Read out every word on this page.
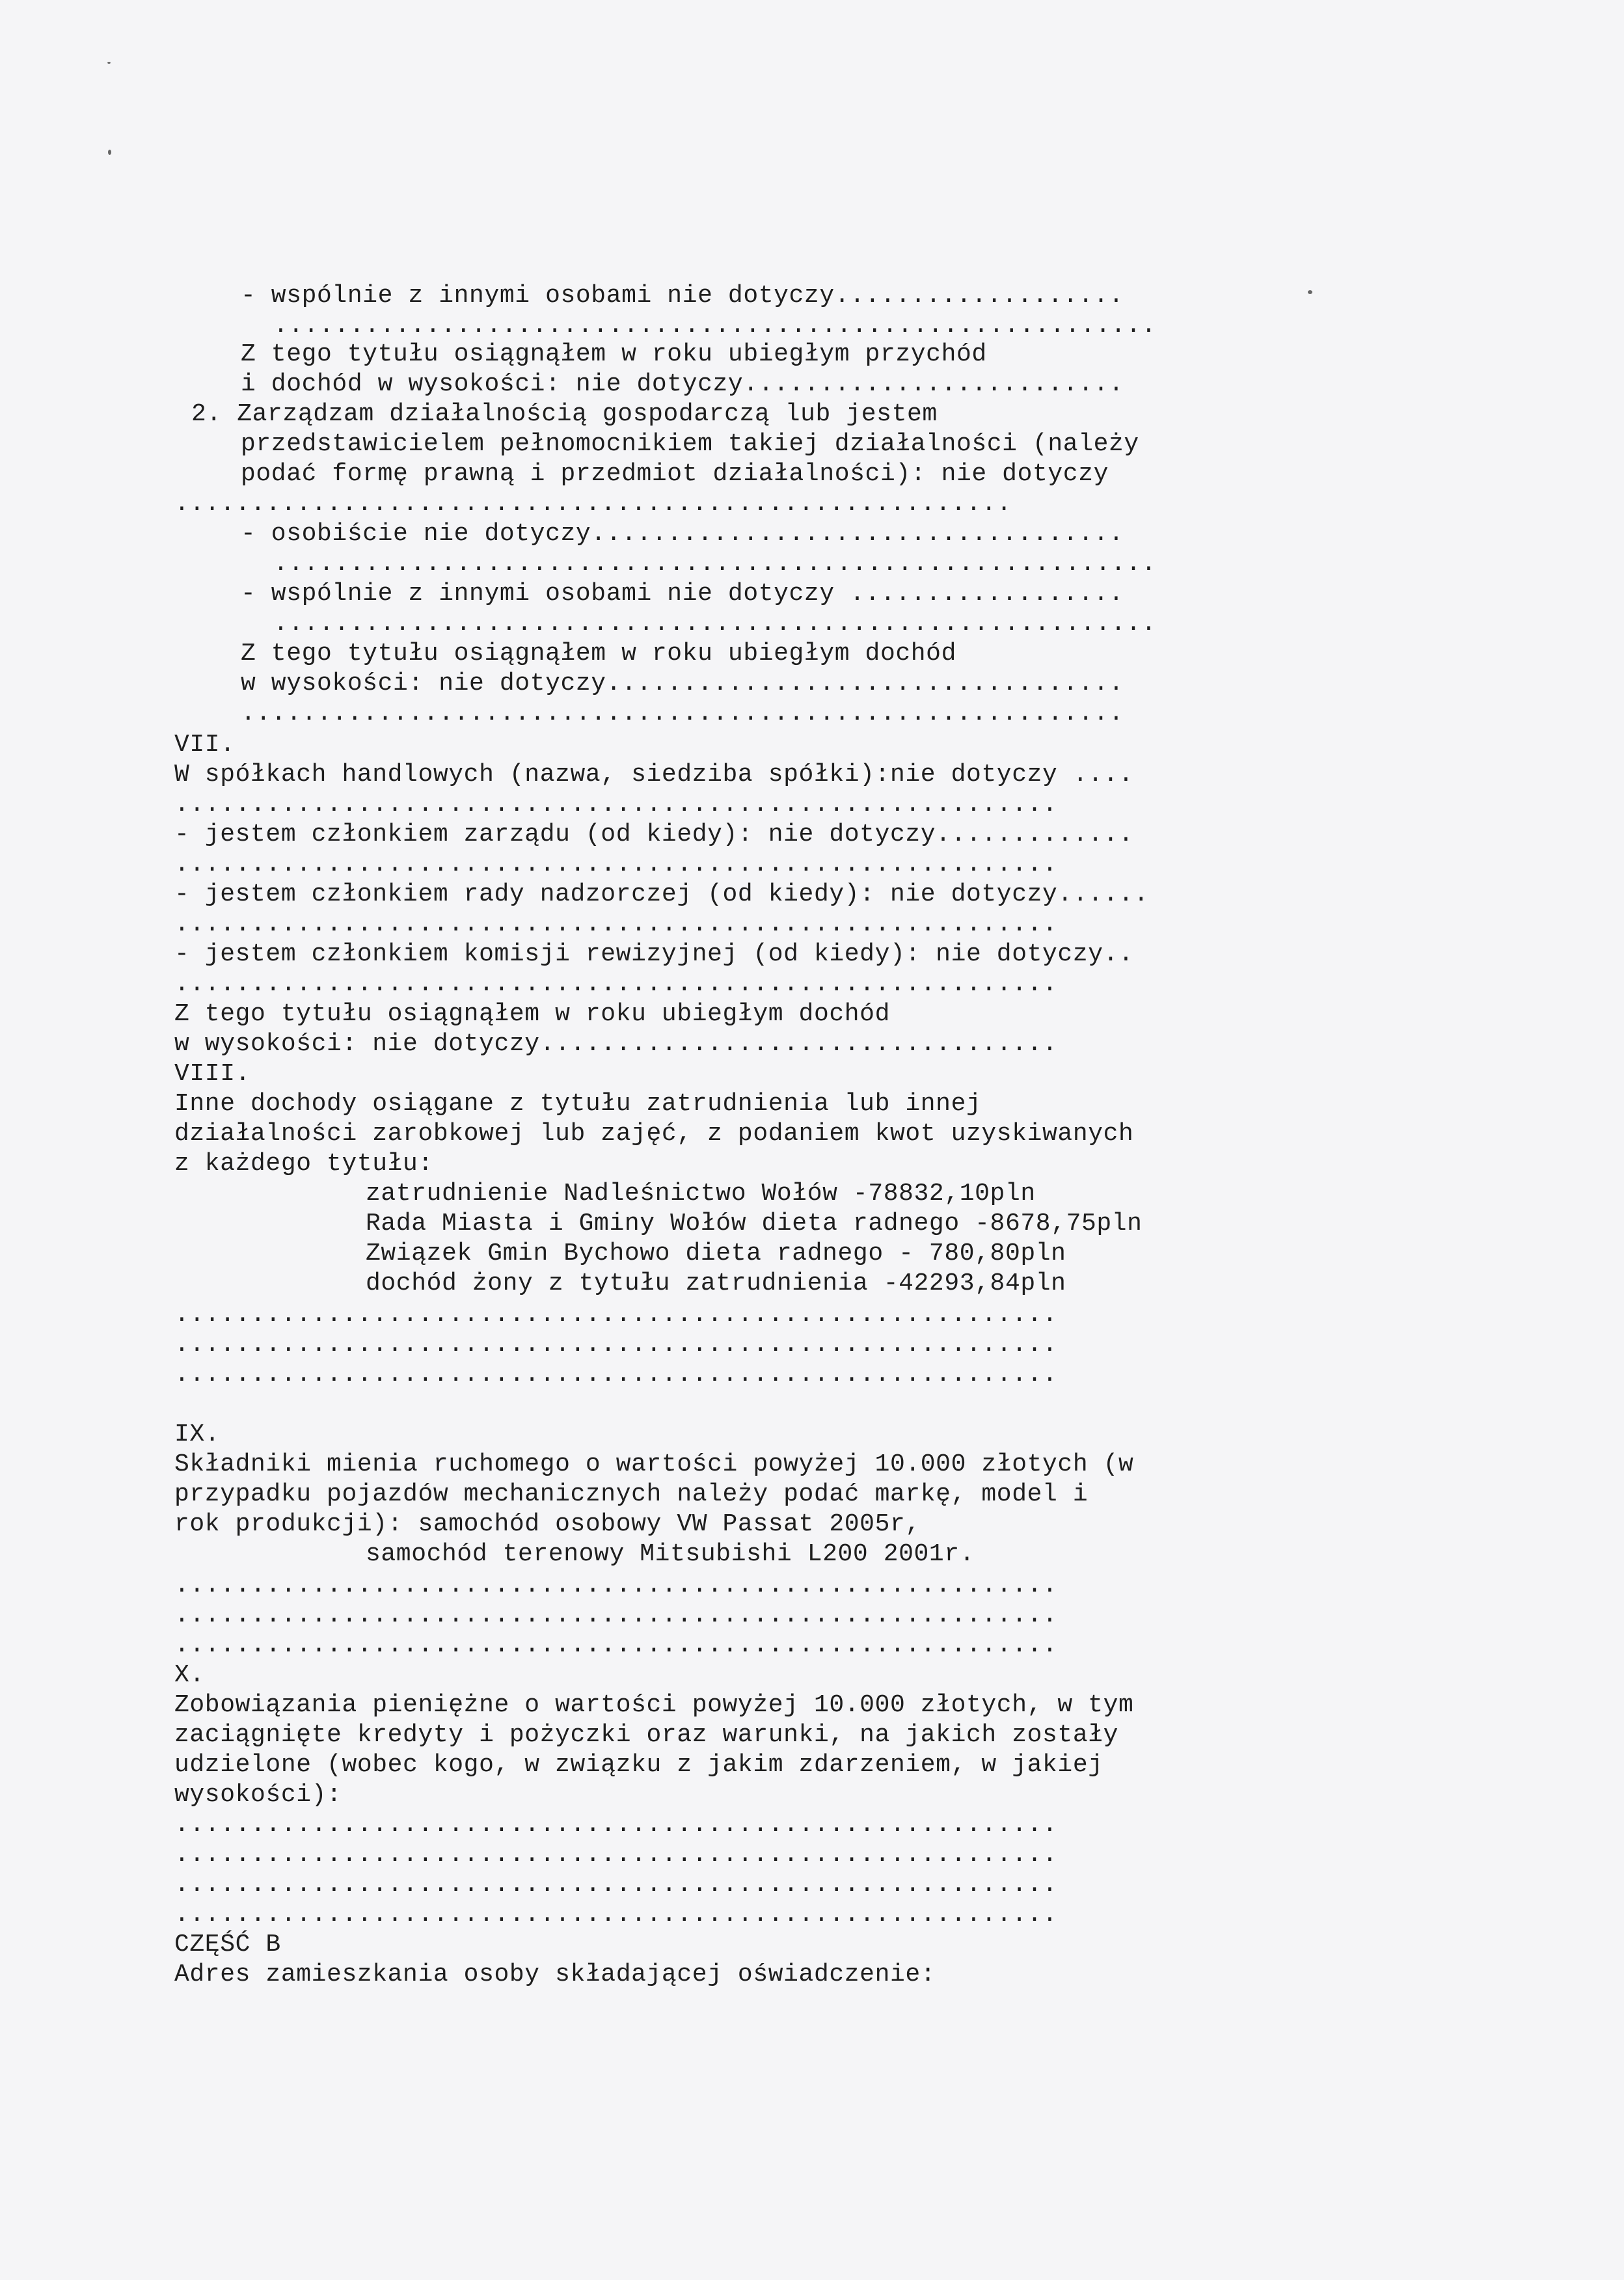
- wspólnie z innymi osobami nie dotyczy...................
..........................................................
Z tego tytułu osiągnąłem w roku ubiegłym przychód
i dochód w wysokości: nie dotyczy.........................
2. Zarządzam działalnością gospodarczą lub jestem
przedstawicielem pełnomocnikiem takiej działalności (należy
podać formę prawną i przedmiot działalności): nie dotyczy
.......................................................
- osobiście nie dotyczy...................................
..........................................................
- wspólnie z innymi osobami nie dotyczy ..................
..........................................................
Z tego tytułu osiągnąłem w roku ubiegłym dochód
w wysokości: nie dotyczy..................................
..........................................................
VII.
W spółkach handlowych (nazwa, siedziba spółki):nie dotyczy ....
..........................................................
- jestem członkiem zarządu (od kiedy): nie dotyczy.............
..........................................................
- jestem członkiem rady nadzorczej (od kiedy): nie dotyczy......
..........................................................
- jestem członkiem komisji rewizyjnej (od kiedy): nie dotyczy..
..........................................................
Z tego tytułu osiągnąłem w roku ubiegłym dochód
w wysokości: nie dotyczy..................................
VIII.
Inne dochody osiągane z tytułu zatrudnienia lub innej
działalności zarobkowej lub zajęć, z podaniem kwot uzyskiwanych
z każdego tytułu:
zatrudnienie Nadleśnictwo Wołów -78832,10pln
Rada Miasta i Gminy Wołów dieta radnego -8678,75pln
Związek Gmin Bychowo dieta radnego - 780,80pln
dochód żony z tytułu zatrudnienia -42293,84pln
..........................................................
..........................................................
..........................................................
IX.
Składniki mienia ruchomego o wartości powyżej 10.000 złotych (w
przypadku pojazdów mechanicznych należy podać markę, model i
rok produkcji): samochód osobowy VW Passat 2005r,
samochód terenowy Mitsubishi L200 2001r.
..........................................................
..........................................................
..........................................................
X.
Zobowiązania pieniężne o wartości powyżej 10.000 złotych, w tym
zaciągnięte kredyty i pożyczki oraz warunki, na jakich zostały
udzielone (wobec kogo, w związku z jakim zdarzeniem, w jakiej
wysokości):
..........................................................
..........................................................
..........................................................
..........................................................
CZĘŚĆ B
Adres zamieszkania osoby składającej oświadczenie:
